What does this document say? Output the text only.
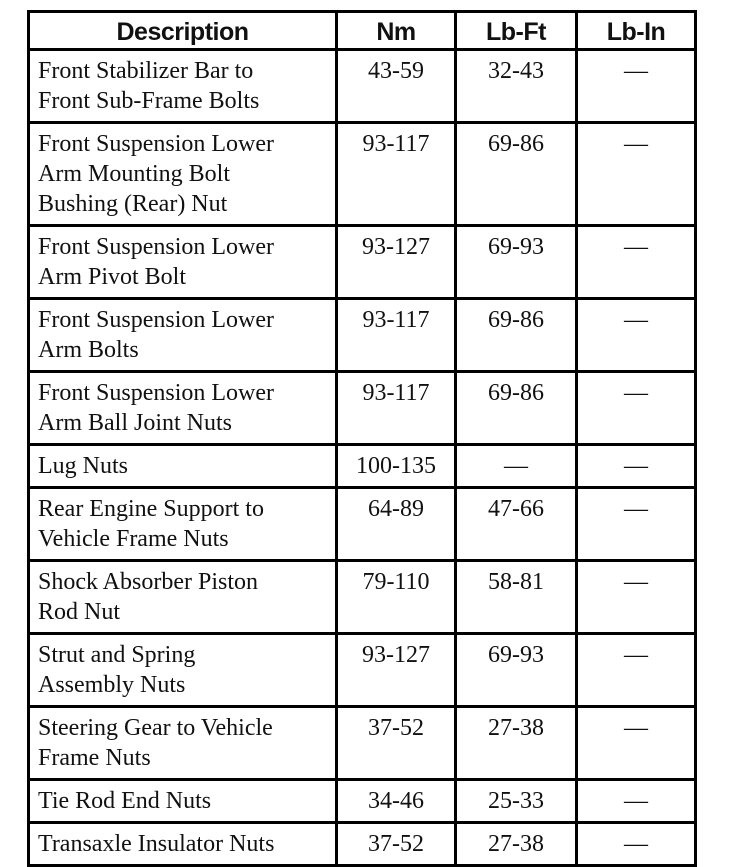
Description	Nm	Lb-Ft	Lb-In

Front Stabilizer Bar to
Front Sub-Frame Bolts	43-59	32-43	—

Front Suspension Lower
Arm Mounting Bolt
Bushing (Rear) Nut	93-117	69-86	—

Front Suspension Lower
Arm Pivot Bolt	93-127	69-93	—

Front Suspension Lower
Arm Bolts	93-117	69-86	—

Front Suspension Lower
Arm Ball Joint Nuts	93-117	69-86	—

Lug Nuts	100-135	—	—

Rear Engine Support to
Vehicle Frame Nuts	64-89	47-66	—

Shock Absorber Piston
Rod Nut	79-110	58-81	—

Strut and Spring
Assembly Nuts	93-127	69-93	—

Steering Gear to Vehicle
Frame Nuts	37-52	27-38	—

Tie Rod End Nuts	34-46	25-33	—

Transaxle Insulator Nuts	37-52	27-38	—
